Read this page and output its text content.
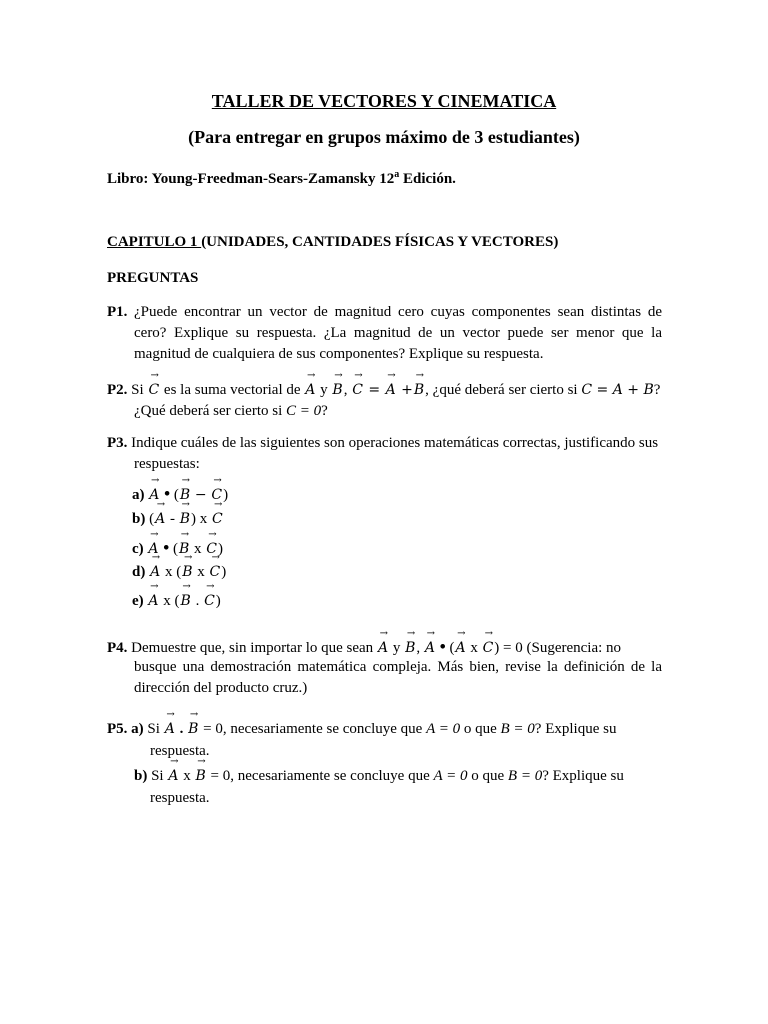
TALLER DE VECTORES Y CINEMATICA
(Para entregar en grupos máximo de 3 estudiantes)
Libro: Young-Freedman-Sears-Zamansky 12$^a$ Edición.
CAPITULO 1 (UNIDADES, CANTIDADES FÍSICAS Y VECTORES)
PREGUNTAS
P1. ¿Puede encontrar un vector de magnitud cero cuyas componentes sean distintas de
cero? Explique su respuesta. ¿La magnitud de un vector puede ser menor que la
magnitud de cualquiera de sus componentes? Explique su respuesta.
P2. Si → C es la suma vectorial de → A y → B, → C = → A +→ B, ¿qué deberá ser cierto si C = A + B?
¿Qué deberá ser cierto si C = 0?
P3. Indique cuáles de las siguientes son operaciones matemáticas correctas, justificando sus
respuestas:
a) → A • (→ B − → C)
b) (→ A - → B) x → C
c) → A • (→ B x → C)
d) → A x (→ B x → C)
e) → A x (→ B . → C)
P4. Demuestre que, sin importar lo que sean → A y → B, → A • (→ A x → C) = 0 (Sugerencia: no
busque una demostración matemática compleja. Más bien, revise la definición de la
dirección del producto cruz.)
P5. a) Si → A . → B = 0, necesariamente se concluye que A = 0 o que B = 0? Explique su
respuesta.
b) Si → A x → B = 0, necesariamente se concluye que A = 0 o que B = 0? Explique su
respuesta.
